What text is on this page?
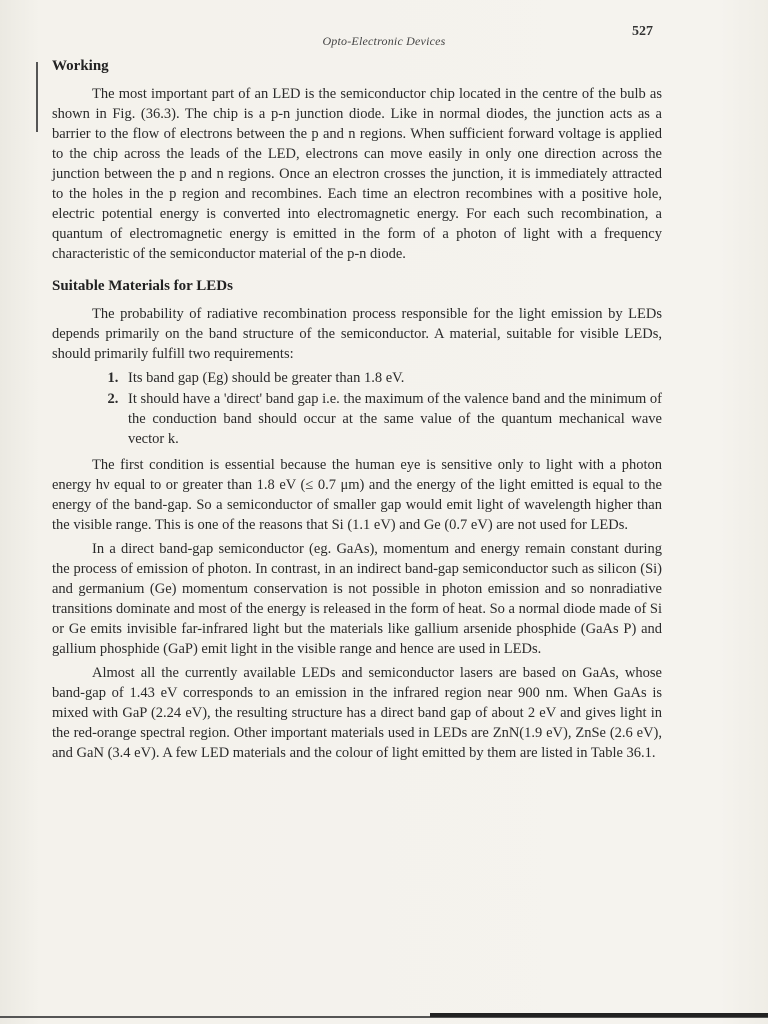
Opto-Electronic Devices
527
Working

The most important part of an LED is the semiconductor chip located in the centre of the bulb as shown in Fig. (36.3). The chip is a p-n junction diode. Like in normal diodes, the junction acts as a barrier to the flow of electrons between the p and n regions. When sufficient forward voltage is applied to the chip across the leads of the LED, electrons can move easily in only one direction across the junction between the p and n regions. Once an electron crosses the junction, it is immediately attracted to the holes in the p region and recombines. Each time an electron recombines with a positive hole, electric potential energy is converted into electromagnetic energy. For each such recombination, a quantum of electromagnetic energy is emitted in the form of a photon of light with a frequency characteristic of the semiconductor material of the p-n diode.

Suitable Materials for LEDs

The probability of radiative recombination process responsible for the light emission by LEDs depends primarily on the band structure of the semiconductor. A material, suitable for visible LEDs, should primarily fulfill two requirements:

1. Its band gap (Eg) should be greater than 1.8 eV.
2. It should have a 'direct' band gap i.e. the maximum of the valence band and the minimum of the conduction band should occur at the same value of the quantum mechanical wave vector k.

The first condition is essential because the human eye is sensitive only to light with a photon energy hν equal to or greater than 1.8 eV (≤ 0.7 μm) and the energy of the light emitted is equal to the energy of the band-gap. So a semiconductor of smaller gap would emit light of wavelength higher than the visible range. This is one of the reasons that Si (1.1 eV) and Ge (0.7 eV) are not used for LEDs.

In a direct band-gap semiconductor (eg. GaAs), momentum and energy remain constant during the process of emission of photon. In contrast, in an indirect band-gap semiconductor such as silicon (Si) and germanium (Ge) momentum conservation is not possible in photon emission and so nonradiative transitions dominate and most of the energy is released in the form of heat. So a normal diode made of Si or Ge emits invisible far-infrared light but the materials like gallium arsenide phosphide (GaAs P) and gallium phosphide (GaP) emit light in the visible range and hence are used in LEDs.

Almost all the currently available LEDs and semiconductor lasers are based on GaAs, whose band-gap of 1.43 eV corresponds to an emission in the infrared region near 900 nm. When GaAs is mixed with GaP (2.24 eV), the resulting structure has a direct band gap of about 2 eV and gives light in the red-orange spectral region. Other important materials used in LEDs are ZnN(1.9 eV), ZnSe (2.6 eV), and GaN (3.4 eV). A few LED materials and the colour of light emitted by them are listed in Table 36.1.
